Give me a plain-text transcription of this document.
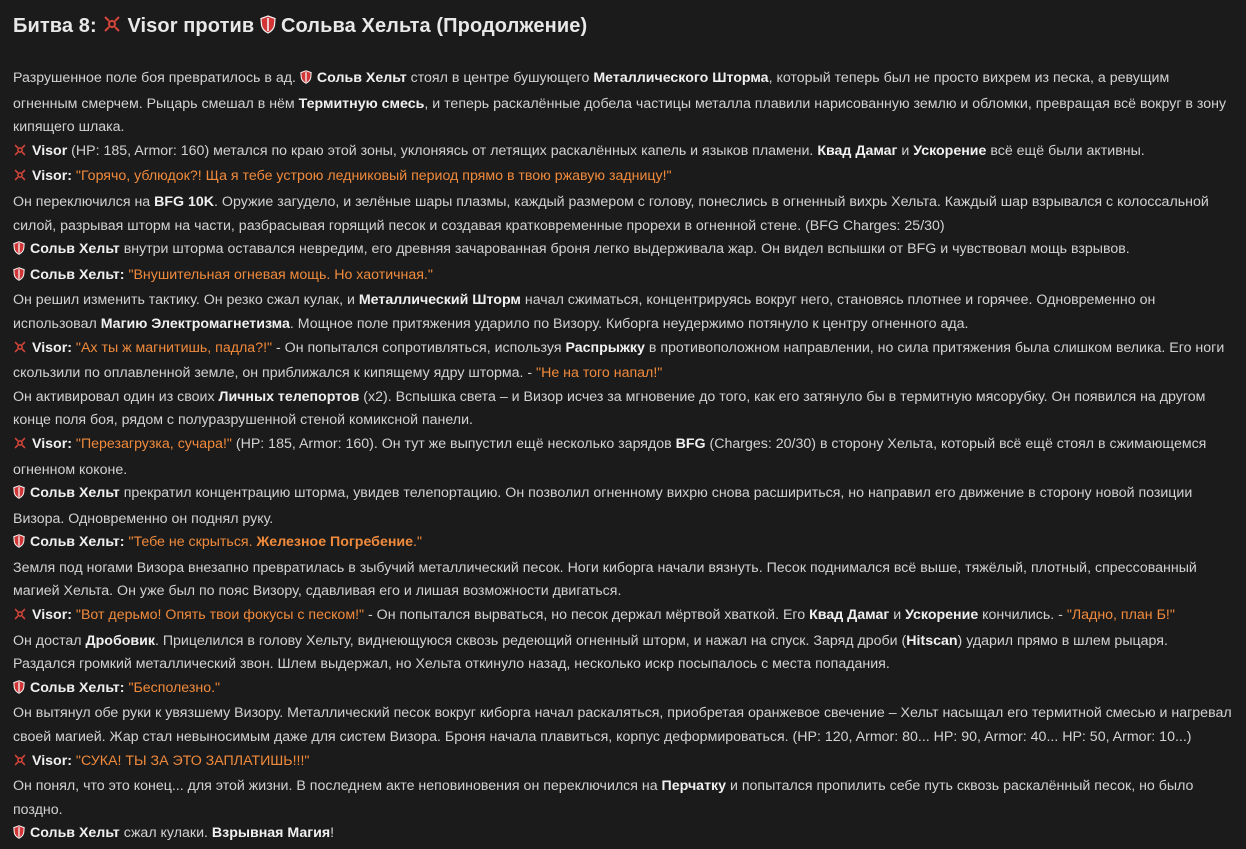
Битва 8: Visor против Сольва Хельта (Продолжение)

Разрушенное поле боя превратилось в ад. Сольв Хельт стоял в центре бушующего Металлического Шторма, который теперь был не просто вихрем из песка, а ревущим огненным смерчем. Рыцарь смешал в нём Термитную смесь, и теперь раскалённые добела частицы металла плавили нарисованную землю и обломки, превращая всё вокруг в зону кипящего шлака.

Visor (HP: 185, Armor: 160) метался по краю этой зоны, уклоняясь от летящих раскалённых капель и языков пламени. Квад Дамаг и Ускорение всё ещё были активны.

Visor: "Горячо, ублюдок?! Ща я тебе устрою ледниковый период прямо в твою ржавую задницу!"

Он переключился на BFG 10K. Оружие загудело, и зелёные шары плазмы, каждый размером с голову, понеслись в огненный вихрь Хельта. Каждый шар взрывался с колоссальной силой, разрывая шторм на части, разбрасывая горящий песок и создавая кратковременные прорехи в огненной стене. (BFG Charges: 25/30)

Сольв Хельт внутри шторма оставался невредим, его древняя зачарованная броня легко выдерживала жар. Он видел вспышки от BFG и чувствовал мощь взрывов.

Сольв Хельт: "Внушительная огневая мощь. Но хаотичная."

Он решил изменить тактику. Он резко сжал кулак, и Металлический Шторм начал сжиматься, концентрируясь вокруг него, становясь плотнее и горячее. Одновременно он использовал Магию Электромагнетизма. Мощное поле притяжения ударило по Визору. Киборга неудержимо потянуло к центру огненного ада.

Visor: "Ах ты ж магнитишь, падла?!" - Он попытался сопротивляться, используя Распрыжку в противоположном направлении, но сила притяжения была слишком велика. Его ноги скользили по оплавленной земле, он приближался к кипящему ядру шторма. - "Не на того напал!"

Он активировал один из своих Личных телепортов (x2). Вспышка света – и Визор исчез за мгновение до того, как его затянуло бы в термитную мясорубку. Он появился на другом конце поля боя, рядом с полуразрушенной стеной комиксной панели.

Visor: "Перезагрузка, сучара!" (HP: 185, Armor: 160). Он тут же выпустил ещё несколько зарядов BFG (Charges: 20/30) в сторону Хельта, который всё ещё стоял в сжимающемся огненном коконе.

Сольв Хельт прекратил концентрацию шторма, увидев телепортацию. Он позволил огненному вихрю снова расшириться, но направил его движение в сторону новой позиции Визора. Одновременно он поднял руку.

Сольв Хельт: "Тебе не скрыться. Железное Погребение."

Земля под ногами Визора внезапно превратилась в зыбучий металлический песок. Ноги киборга начали вязнуть. Песок поднимался всё выше, тяжёлый, плотный, спрессованный магией Хельта. Он уже был по пояс Визору, сдавливая его и лишая возможности двигаться.

Visor: "Вот дерьмо! Опять твои фокусы с песком!" - Он попытался вырваться, но песок держал мёртвой хваткой. Его Квад Дамаг и Ускорение кончились. - "Ладно, план Б!"

Он достал Дробовик. Прицелился в голову Хельту, виднеющуюся сквозь редеющий огненный шторм, и нажал на спуск. Заряд дроби (Hitscan) ударил прямо в шлем рыцаря. Раздался громкий металлический звон. Шлем выдержал, но Хельта откинуло назад, несколько искр посыпалось с места попадания.

Сольв Хельт: "Бесполезно."

Он вытянул обе руки к увязшему Визору. Металлический песок вокруг киборга начал раскаляться, приобретая оранжевое свечение – Хельт насыщал его термитной смесью и нагревал своей магией. Жар стал невыносимым даже для систем Визора. Броня начала плавиться, корпус деформироваться. (HP: 120, Armor: 80... HP: 90, Armor: 40... HP: 50, Armor: 10...)

Visor: "СУКА! ТЫ ЗА ЭТО ЗАПЛАТИШЬ!!!"

Он понял, что это конец... для этой жизни. В последнем акте неповиновения он переключился на Перчатку и попытался пропилить себе путь сквозь раскалённый песок, но было поздно.

Сольв Хельт сжал кулаки. Взрывная Магия!
